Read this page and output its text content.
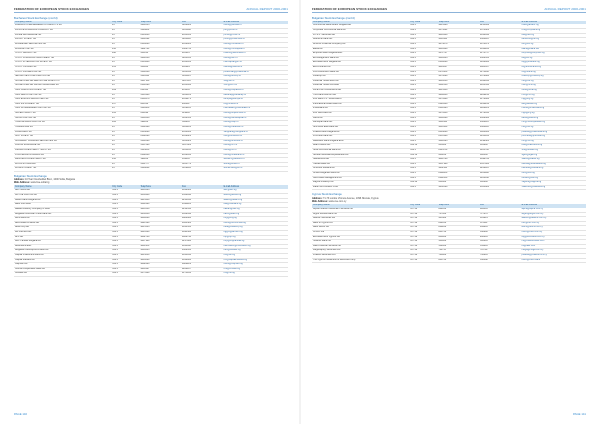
FEDERATION OF EUROPEAN STOCK EXCHANGES	ANNUAL REPORT 2000-2001
Bucharest Stock Exchange (cont'd)
Company Name	City Code	Telephone	Fax	E-mail Address
PARIBAS INTERMEDIERE IN INVESTITII SA	21	3201013	3206901	office@paribas.ro
PRIVATE FINANCIAL COMPANY SA	21	3114004	3115086	pfc@pcnet.ro
PRIME BROKERAGE SA	21	2105030	2105031	prime@prime.ro
PROFIT INVEST SA	21	3201022	3201122	profit@profitinvest.ro
ROMDEVEL SECURITIES SA	21	2106004	2106005	office@romdevel.ro
ROMCAPITAL SA	256	1902731	1902731	office@romcapital.ro
S.S.I.F. BRASOV SA	268	410013	410013	brasov@ssifbrasov.ro
S.S.I.F. FINANCIAL INVESTMENT SA	21	3201014	3201015	office@sfin.ro
S.S.I.F. INTERCAPITAL INVEST SA	21	2104430	2104431	intercapital@ici.ro
S.S.I.F. OLTENIA SA	251	418023	418024	oltenia@oltenia.ro
S.S.I.F. PRUDENTIAL SA	21	3101044	3101045	prudential@prudential.ro
SECURITIES CORPORATION SA	21	3110114	3110115	office@secorp.ro
SOCIETATEA DE SERVICII DE INVESTITII	21	3207110	3207111	ssi@ssi.ro
SOCIETATEA DE VALORI MOBILIARE SA	21	2101090	2101091	svm@svm.ro
SSIF CARPATICA INVEST SA	269	214344	214345	office@carpatica.ro
SSIF DELTA CAPITAL SA	21	3103100	3103101	deltacap@deltacap.ro
SSIF EUROPA SECURITIES SA	21	2100270	2100271	europa@europa.ro
SSIF IFB FINWEST SA	257	280310	280311	ifb@finwest.ro
SSIF INTERDEALER CAPITAL SA	21	3119100	3119101	interdealer@interdealer.ro
SUPER INVEST SA	241	619092	619093	office@superinvest.ro
SWISS CAPITAL SA	21	3100350	3100351	office@swisscapital.ro
TRANSILVANIA CAPITAL SA	264	592200	592201	office@tcap.ro
TRADEVILLE SA	21	3181200	3181201	office@tradeville.ro
VANGUARD SA	21	2104060	2104061	vanguard@vanguard.ro
UNIT INVEST SA	21	2102020	2102021	unit@unitinvest.ro
UNICREDIT ROMANIA SECURITIES SA	21	3101020	3101021	office@unicredit.ro
VALORI MOBILIARE SA	21	3107080	3107081	office@vm.ro
VIENNA INVESTMENT TRUST SA	21	3113030	3113031	office@vit.ro
VOLKSBANK ROMANIA SA	21	2102040	2102041	office@volksbank.ro
WESTERN INVESTMENT SA	256	199100	199101	western@western.ro
WOOD & COMPANY	21	3101777	3101778	wood@wood.ro
WORLD INVEST SA	21	3119090	3119091	worldinvest@wi.ro
Bulgarian Stock Exchange
Address: 10 Tsar Osvoboditel Blvd., 1000 Sofia, Bulgaria
Web Address: www.bse-sofia.bg
Company Name	City Code	Telephone	Fax	E-mail Address
ABV Invest AD	359 2	9810303	9810303	abv@abv.bg
ACTIVE CAPITAL AD	359 2	9530440	9530440	active@active.bg
Allianz Bank Bulgaria AD	359 2	9215450	9215450	allianz@allianz.bg
Bank DSK EAD	359 2	9391220	9391220	dsk@dskbank.bg
Balkan Advisory Company IP EAD	359 2	9210510	9210510	balkan@bac.bg
Bulgarian American Credit Bank AD	359 2	9658358	9658358	bacb@bacb.bg
BNG Bank AD	359 2	9880600	9880600	bng@bng.bg
BenchMark Finance AD	359 2	9621520	9621520	office@benchmark.bg
Beta Corp AD	359 2	9815533	9815533	beta@betacorp.bg
BG Partners AD	359 2	9895500	9895500	bg@bgpartners.bg
BPF AD	359 2	9862740	9862740	bpf@bpf.bg
BNP Paribas Bulgaria AD	359 2	9217900	9217900	bnp@bnpparibas.bg
Bulbrokers EAD	359 2	9811500	9811500	bulbrokers@bulbrokers.bg
Bulgarian Development Bank AD	359 2	9306333	9306333	bdb@bdbank.bg
Capital Investment Bank AD	359 2	9815050	9815050	cib@cib.bg
Capital Markets AD	359 2	9810000	9810000	cm@capitalmarkets.bg
Capman AD	359 2	9882226	9882226	office@capman.bg
Central Cooperative Bank AD	359 2	9266107	9266107	ccb@ccbank.bg
Citibank AD	359 2	9175100	9175100	citi@citi.bg
PAGE 140
FEDERATION OF EUROPEAN STOCK EXCHANGES	ANNUAL REPORT 2000-2001
Bulgarian Stock Exchange (cont'd)
Company Name	City Code	Telephone	Fax	E-mail Address
Commercial Bank Allianz Bulgaria AD	359 2	9215466	9215466	cbab@allianz.bg
Corporate Commercial Bank AD	359 2	9375601	9375601	ccb@corpbank.bg
D.I.S.L. Securities AD	359 2	9810444	9810444	disl@disl.bg
Deutsche Bank AD	359 2	9503111	9503111	deutsche@db.bg
Dimitrov Financial Company AD	359 2	9874070	9874070	dfc@dfc.bg
Elana AD	359 2	9810200	9810200	elana@elana.net
Emporiki Bank Bulgaria EAD	359 2	9171717	9171717	emporiki@emporiki.bg
Encouragement Bank AD	359 2	9306333	9306333	eb@eb.bg
Eurobank EFG Bulgaria AD	359 2	8166000	8166000	efg@postbank.bg
Euro-Finance AD	359 2	9805657	9805657	ef@eurofinance.bg
First Investment Bank AD	359 2	8171100	8171100	fib@fibank.bg
Finacorp AD	359 2	9376080	9376080	finacorp@finacorp.bg
Financial House Evro AD	359 2	9810010	9810010	fhe@fhe.bg
Financial House FIB EAD	359 2	9101310	9101310	fhfib@fhfib.bg
Focal Point Investments AD	359 2	9815454	9815454	focal@focal.bg
HVB Bank Biochim AD	359 2	9269210	9269210	hvb@hvb.bg
ING Bank N.V. Sofia Branch	359 2	9176400	9176400	ing@ing.bg
International Asset Bank AD	359 2	8120234	8120234	iab@iabank.bg
Investbank AD	359 2	8186123	8186123	invest@investbank.bg
ING Securities AD	359 2	9176410	9176410	ings@ing.bg
Karoll AD	359 2	4008300	4008300	karoll@karoll.bg
Municipal Bank AD	359 2	9300111	9300111	mb@municipalbank.bg
NLB West East Bank AD	359 2	9303110	9303110	nlb@nlb.bg
Piraeus Bank Bulgaria AD	359 2	8004000	8004000	piraeus@piraeusbank.bg
ProCredit Bank AD	359 2	8135100	8135100	procredit@procredit.bg
Raiffeisen Bank Bulgaria EAD	359 2	9198585	9198585	rbb@rbb.bg
Real Finance AD	359 52	603800	603800	real@realfinance.bg
Sofia Commercial Bank AD	359 2	8113700	8113700	scb@sofiacb.bg
Societe Generale Expressbank AD	359 52	686100	686100	sgeb@sgeb.bg
Statusinvest AD	359 2	9898700	9898700	status@status.bg
Tokuda Bank AD	359 2	4037900	4037900	tokuda@tokudabank.bg
Unicredit Bulbank AD	359 2	9232111	9232111	bulbank@bulbank.bg
United Bulgarian Bank AD	359 2	8112800	8112800	ubb@ubb.bg
UBB Asset Management AD	359 2	8112330	8112330	ubbam@ubb.bg
Zagora Finacorp AD	359 42	600600	600600	zagora@zagora.bg
Zlaten Lev Brokers OOD	359 2	9651020	9651020	zlatenlev@zlatenlev.bg
Cyprus Stock Exchange
Address: 71-73 Lordou Vironos Avenue, 1096 Nicosia, Cyprus
Web Address: www.cse.com.cy
Company Name	City Code	Telephone	Fax	E-mail Address
Alpha Finance Investment Services Ltd	357 22	882100	882101	alpha@alpha.com.cy
Argus Stockbrokers Ltd	357 22	717000	717070	argus@argus.com.cy
Atlantic Securities Ltd	357 22	445400	661914	atlantic@atlantic.com.cy
Bank of Cyprus Ltd	357 22	842100	378111	boc@boc.com.cy
Bank Leumi Ltd	357 22	844200	844201	leumi@leumi.com.cy
CISCO Ltd	357 22	881700	338800	cisco@cisco.com.cy
Eurobank EFG Cyprus Ltd	357 22	208000	208001	efg@eurobank.com.cy
Hellenic Bank Ltd	357 22	500000	500001	hb@hellenicbank.com
Laiki Financial Services Ltd	357 22	552000	552001	lfs@laiki.com
Mega Equity Securities Ltd	357 22	711711	711712	mega@mega.com.cy
Piraeus Securities Ltd	357 22	760800	760801	piraeus@piraeus.com.cy
The Cyprus Investment & Securities Corp	357 22	881700	338488	cisco@cisco.bank
PAGE 141
